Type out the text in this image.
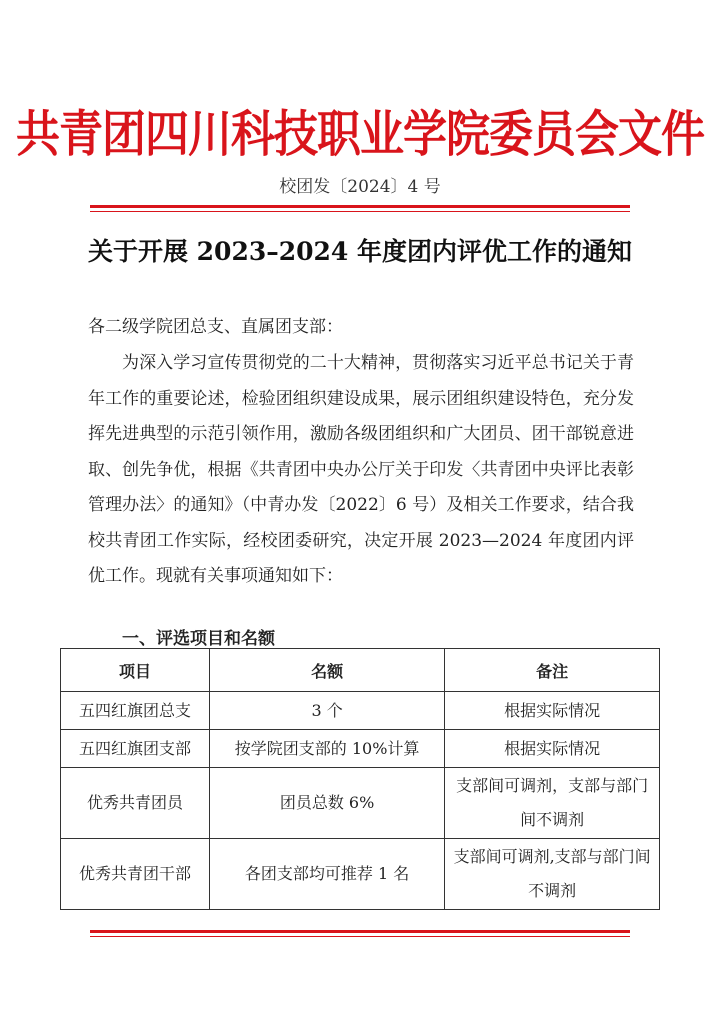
共青团四川科技职业学院委员会文件
校团发〔2024〕4 号
关于开展 2023–2024 年度团内评优工作的通知
各二级学院团总支、直属团支部：
为深入学习宣传贯彻党的二十大精神，贯彻落实习近平总书记关于青年工作的重要论述，检验团组织建设成果，展示团组织建设特色，充分发挥先进典型的示范引领作用，激励各级团组织和广大团员、团干部锐意进取、创先争优，根据《共青团中央办公厅关于印发〈共青团中央评比表彰管理办法〉的通知》（中青办发〔2022〕6 号）及相关工作要求，结合我校共青团工作实际，经校团委研究，决定开展 2023—2024 年度团内评优工作。现就有关事项通知如下：
一、评选项目和名额
项目	名额	备注
五四红旗团总支	3 个	根据实际情况
五四红旗团支部	按学院团支部的 10%计算	根据实际情况
优秀共青团员	团员总数 6%	支部间可调剂，支部与部门间不调剂
优秀共青团干部	各团支部均可推荐 1 名	支部间可调剂,支部与部门间不调剂
